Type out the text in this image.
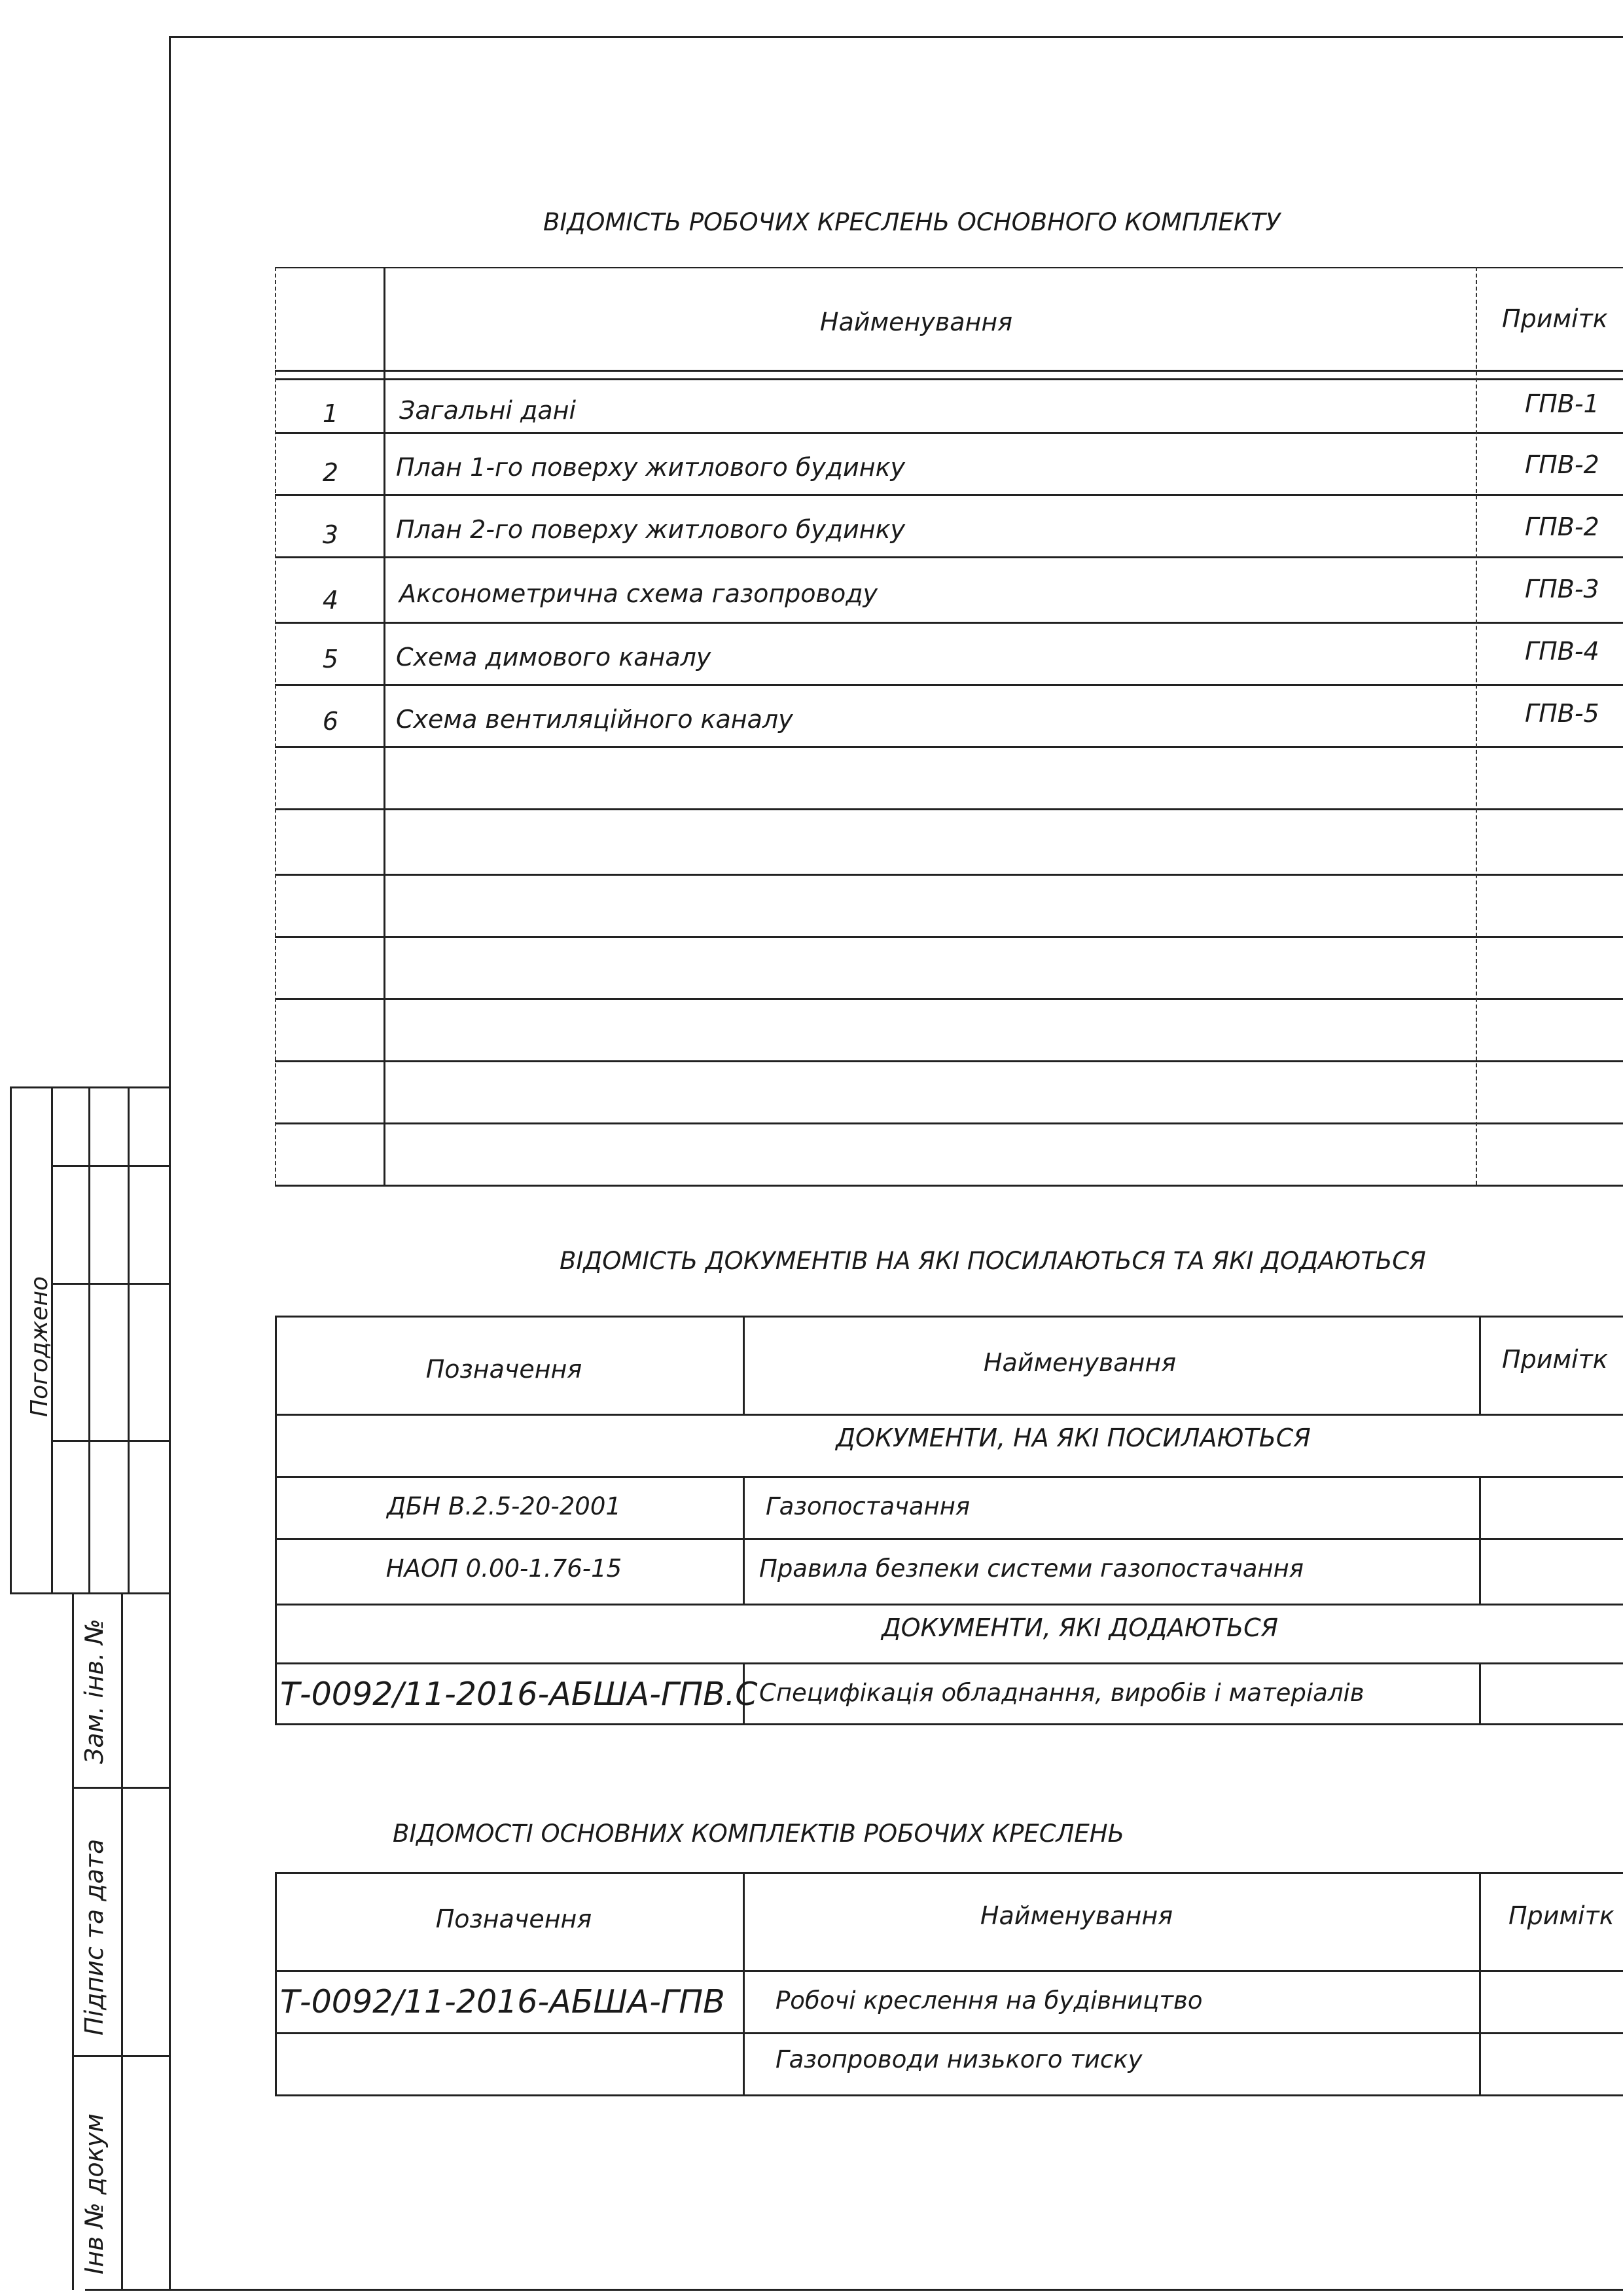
Погоджено
Зам. інв. №
Підпис та дата
Інв № докум
ВІДОМІСТЬ РОБОЧИХ КРЕСЛЕНЬ ОСНОВНОГО КОМПЛЕКТУ
Найменування	Примітк
1 Загальні дані	ГПВ-1
2 План 1-го поверху житлового будинку	ГПВ-2
3 План 2-го поверху житлового будинку	ГПВ-2
4 Аксонометрична схема газопроводу	ГПВ-3
5 Схема димового каналу	ГПВ-4
6 Схема вентиляційного каналу	ГПВ-5
ВІДОМІСТЬ ДОКУМЕНТІВ НА ЯКІ ПОСИЛАЮТЬСЯ ТА ЯКІ ДОДАЮТЬСЯ
Позначення	Найменування	Примітк
ДОКУМЕНТИ, НА ЯКІ ПОСИЛАЮТЬСЯ
ДБН В.2.5-20-2001	Газопостачання
НАОП 0.00-1.76-15	Правила безпеки системи газопостачання
ДОКУМЕНТИ, ЯКІ ДОДАЮТЬСЯ
Т-0092/11-2016-АБША-ГПВ.С Специфікація обладнання, виробів і матеріалів
ВІДОМОСТІ ОСНОВНИХ КОМПЛЕКТІВ РОБОЧИХ КРЕСЛЕНЬ
Позначення	Найменування	Примітк
Т-0092/11-2016-АБША-ГПВ Робочі креслення на будівництво
Газопроводи низького тиску
